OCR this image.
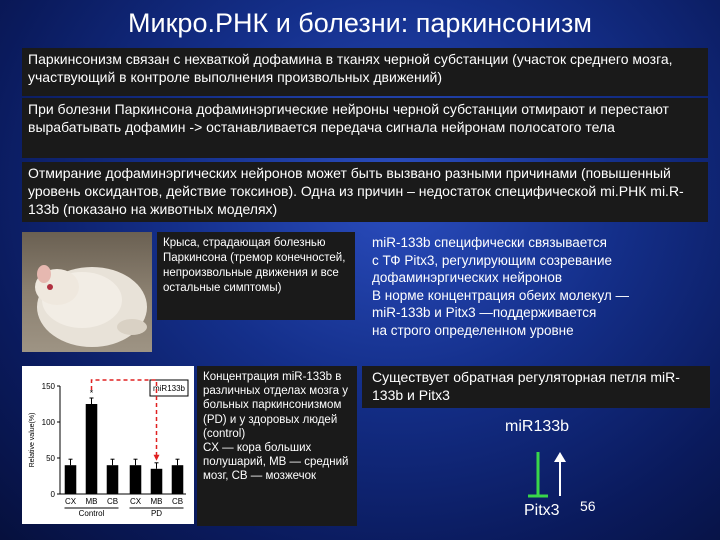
Микро.РНК и болезни: паркинсонизм
Паркинсонизм связан с нехваткой дофамина в тканях черной субстанции (участок среднего мозга, участвующий в контроле выполнения произвольных движений)
При болезни Паркинсона дофаминэргические нейроны черной субстанции отмирают и перестают вырабатывать дофамин -> останавливается передача сигнала нейронам полосатого тела
Отмирание дофаминэргических нейронов может быть вызвано разными причинами (повышенный уровень оксидантов, действие токсинов). Одна из причин – недостаток специфической mi.РНК mi.R-133b (показано на животных моделях)
Крыса, страдающая болезнью Паркинсона (тремор конечностей, непроизвольные движения и все остальные симптомы)
miR-133b специфически связывается
с ТФ Pitx3, регулирующим созревание дофаминэргических нейронов
В норме концентрация обеих молекул —
miR-133b и Pitx3 —поддерживается
на строго определенном уровне
0
50
100
150
Relative value(%)
CX MB CB CX MB CB
*
Control	PD
miR133b
Концентрация miR-133b в различных отделах мозга у больных паркинсонизмом (PD) и у здоровых людей (control)
CX — кора больших полушарий, MB — средний мозг, CB — мозжечок
Существует обратная регуляторная петля miR-133b и Pitx3
miR133b
Pitx3 56
